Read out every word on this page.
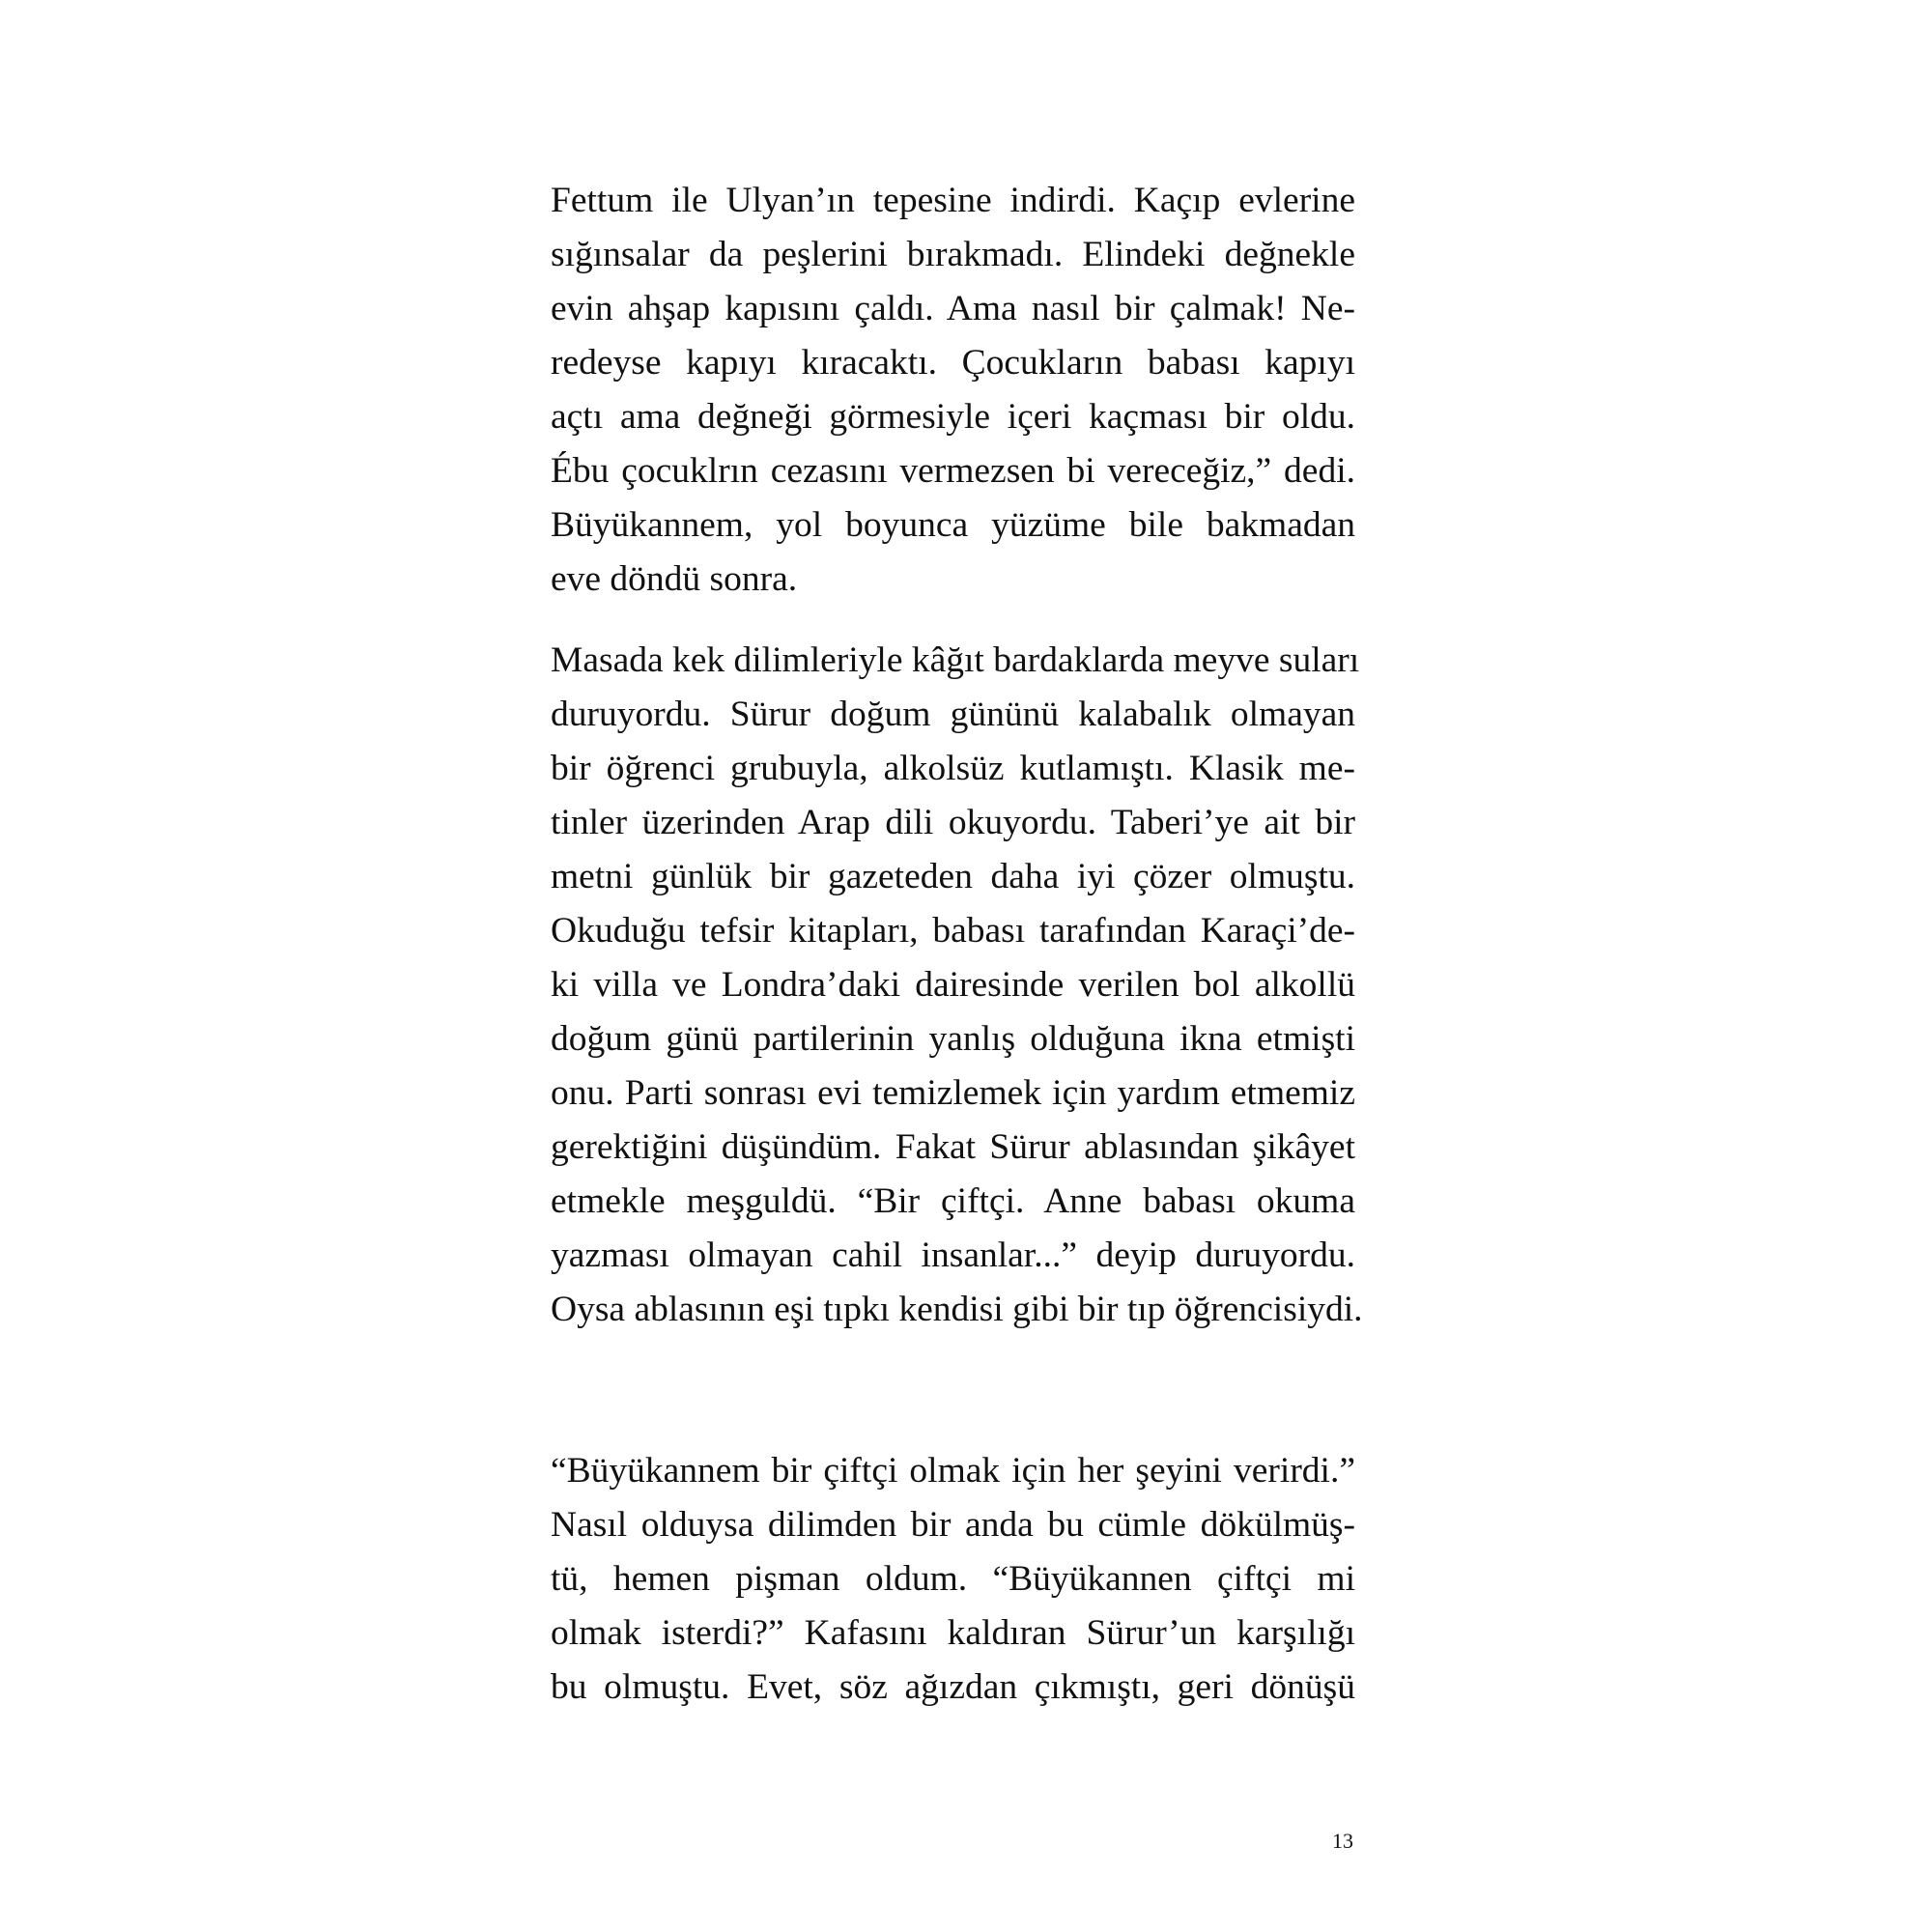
Fettum ile Ulyan’ın tepesine indirdi. Kaçıp evlerine
sığınsalar da peşlerini bırakmadı. Elindeki değnekle
evin ahşap kapısını çaldı. Ama nasıl bir çalmak! Ne-
redeyse kapıyı kıracaktı. Çocukların babası kapıyı
açtı ama değneği görmesiyle içeri kaçması bir oldu.
Ébu çocuklrın cezasını vermezsen bi vereceğiz,” dedi.
Büyükannem, yol boyunca yüzüme bile bakmadan
eve döndü sonra.
Masada kek dilimleriyle kâğıt bardaklarda meyve suları
duruyordu. Sürur doğum gününü kalabalık olmayan
bir öğrenci grubuyla, alkolsüz kutlamıştı. Klasik me-
tinler üzerinden Arap dili okuyordu. Taberi’ye ait bir
metni günlük bir gazeteden daha iyi çözer olmuştu.
Okuduğu tefsir kitapları, babası tarafından Karaçi’de-
ki villa ve Londra’daki dairesinde verilen bol alkollü
doğum günü partilerinin yanlış olduğuna ikna etmişti
onu. Parti sonrası evi temizlemek için yardım etmemiz
gerektiğini düşündüm. Fakat Sürur ablasından şikâyet
etmekle meşguldü. “Bir çiftçi. Anne babası okuma
yazması olmayan cahil insanlar...” deyip duruyordu.
Oysa ablasının eşi tıpkı kendisi gibi bir tıp öğrencisiydi.
“Büyükannem bir çiftçi olmak için her şeyini verirdi.”
Nasıl olduysa dilimden bir anda bu cümle dökülmüş-
tü, hemen pişman oldum. “Büyükannen çiftçi mi
olmak isterdi?” Kafasını kaldıran Sürur’un karşılığı
bu olmuştu. Evet, söz ağızdan çıkmıştı, geri dönüşü
13
